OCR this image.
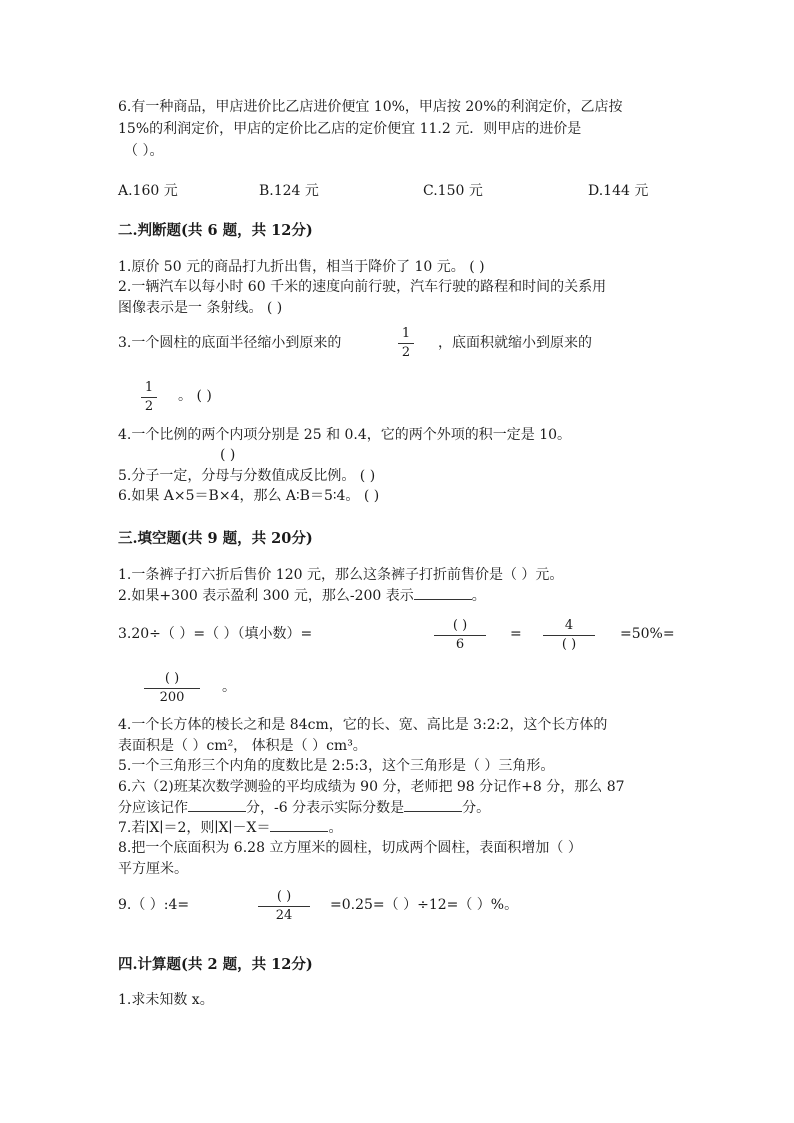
6.有一种商品，甲店进价比乙店进价便宜 10%，甲店按 20%的利润定价，乙店按
15%的利润定价，甲店的定价比乙店的定价便宜 11.2 元．则甲店的进价是
（ ）。
A.160 元	B.124 元	C.150 元	D.144 元
二.判断题(共 6 题，共 12分)
1.原价 50 元的商品打九折出售，相当于降价了 10 元。 ( )
2.一辆汽车以每小时 60 千米的速度向前行驶，汽车行驶的路程和时间的关系用
图像表示是一 条射线。 ( )
3.一个圆柱的底面半径缩小到原来的
1
2
，底面积就缩小到原来的
1
2
。 ( )
4.一个比例的两个内项分别是 25 和 0.4，它的两个外项的积一定是 10。
( )
5.分子一定，分母与分数值成反比例。 ( )
6.如果 A×5＝B×4，那么 A∶B＝5∶4。 ( )
三.填空题(共 9 题，共 20分)
1.一条裤子打六折后售价 120 元，那么这条裤子打折前售价是（ ）元。
2.如果+300 表示盈利 300 元，那么-200 表示	。
3.20÷（ ）=（ ）（填小数）=
( )
6
=
4
( )
=50%=
( )
200
。
4.一个长方体的棱长之和是 84cm，它的长、宽、高比是 3:2:2，这个长方体的
表面积是（ ）cm²， 体积是（ ）cm³。
5.一个三角形三个内角的度数比是 2:5:3，这个三角形是（ ）三角形。
6.六（2)班某次数学测验的平均成绩为 90 分，老师把 98 分记作+8 分，那么 87
分应该记作	分，-6 分表示实际分数是	分。
7.若∣X∣＝2，则∣X∣－X＝	。
8.把一个底面积为 6.28 立方厘米的圆柱，切成两个圆柱，表面积增加（ ）
平方厘米。
9.（ ）:4=
( )
24
=0.25=（ ）÷12=（ ）%。
四.计算题(共 2 题，共 12分)
1.求未知数 x。
